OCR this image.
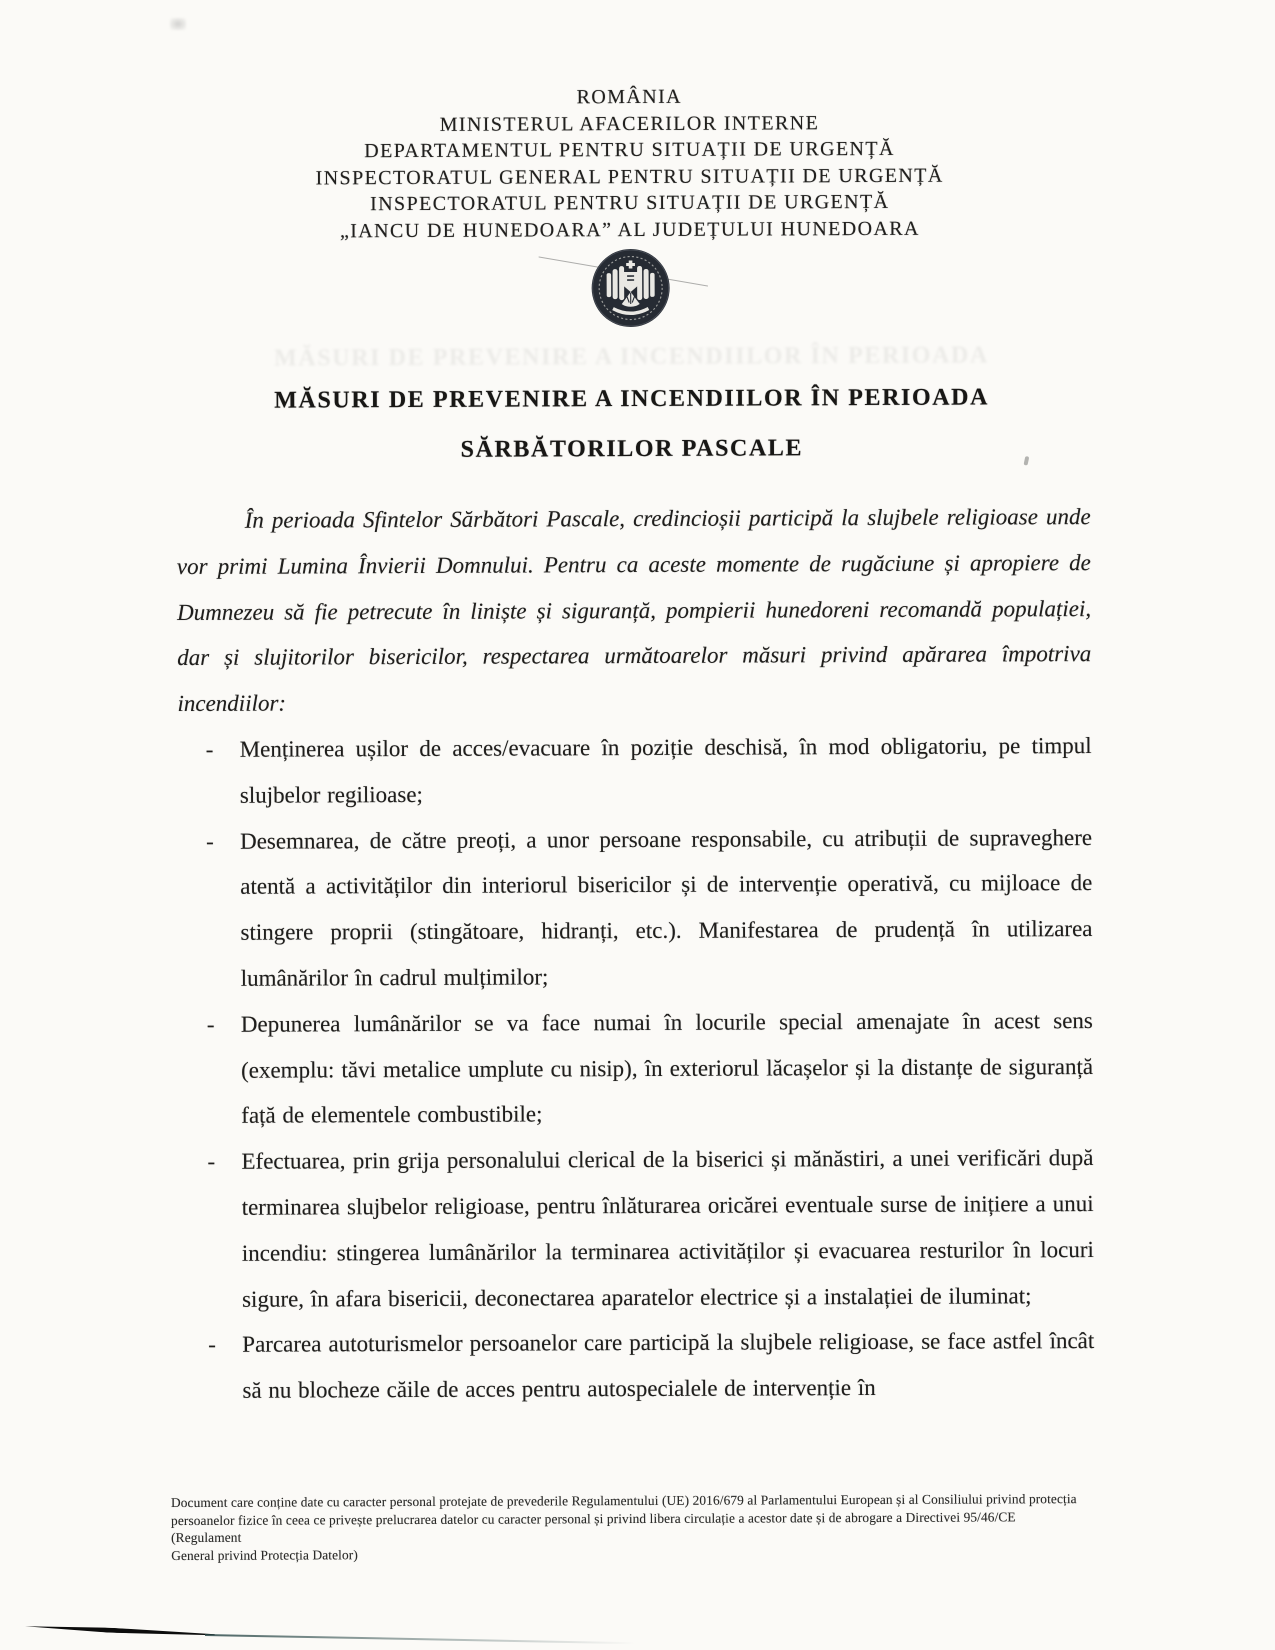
ROMÂNIA
MINISTERUL AFACERILOR INTERNE
DEPARTAMENTUL PENTRU SITUAȚII DE URGENȚĂ
INSPECTORATUL GENERAL PENTRU SITUAȚII DE URGENȚĂ
INSPECTORATUL PENTRU SITUAȚII DE URGENȚĂ
„IANCU DE HUNEDOARA” AL JUDEȚULUI HUNEDOARA
MĂSURI DE PREVENIRE A INCENDIILOR ÎN PERIOADA
MĂSURI DE PREVENIRE A INCENDIILOR ÎN PERIOADA
SĂRBĂTORILOR PASCALE

În perioada Sfintelor Sărbători Pascale, credincioșii participă la slujbele religioase unde vor primi Lumina Învierii Domnului. Pentru ca aceste momente de rugăciune și apropiere de Dumnezeu să fie petrecute în liniște și siguranță, pompierii hunedoreni recomandă populației, dar și slujitorilor bisericilor, respectarea următoarelor măsuri privind apărarea împotriva incendiilor:

- Menținerea ușilor de acces/evacuare în poziție deschisă, în mod obligatoriu, pe timpul slujbelor regilioase;
- Desemnarea, de către preoți, a unor persoane responsabile, cu atribuții de supraveghere atentă a activităților din interiorul bisericilor și de intervenție operativă, cu mijloace de stingere proprii (stingătoare, hidranți, etc.). Manifestarea de prudență în utilizarea lumânărilor în cadrul mulțimilor;
- Depunerea lumânărilor se va face numai în locurile special amenajate în acest sens (exemplu: tăvi metalice umplute cu nisip), în exteriorul lăcașelor și la distanțe de siguranță față de elementele combustibile;
- Efectuarea, prin grija personalului clerical de la biserici și mănăstiri, a unei verificări după terminarea slujbelor religioase, pentru înlăturarea oricărei eventuale surse de inițiere a unui incendiu: stingerea lumânărilor la terminarea activităților și evacuarea resturilor în locuri sigure, în afara bisericii, deconectarea aparatelor electrice și a instalației de iluminat;
- Parcarea autoturismelor persoanelor care participă la slujbele religioase, se face astfel încât să nu blocheze căile de acces pentru autospecialele de intervenție în
Document care conține date cu caracter personal protejate de prevederile Regulamentului (UE) 2016/679 al Parlamentului European și al Consiliului privind protecția
persoanelor fizice în ceea ce privește prelucrarea datelor cu caracter personal și privind libera circulație a acestor date și de abrogare a Directivei 95/46/CE (Regulament
General privind Protecția Datelor)
